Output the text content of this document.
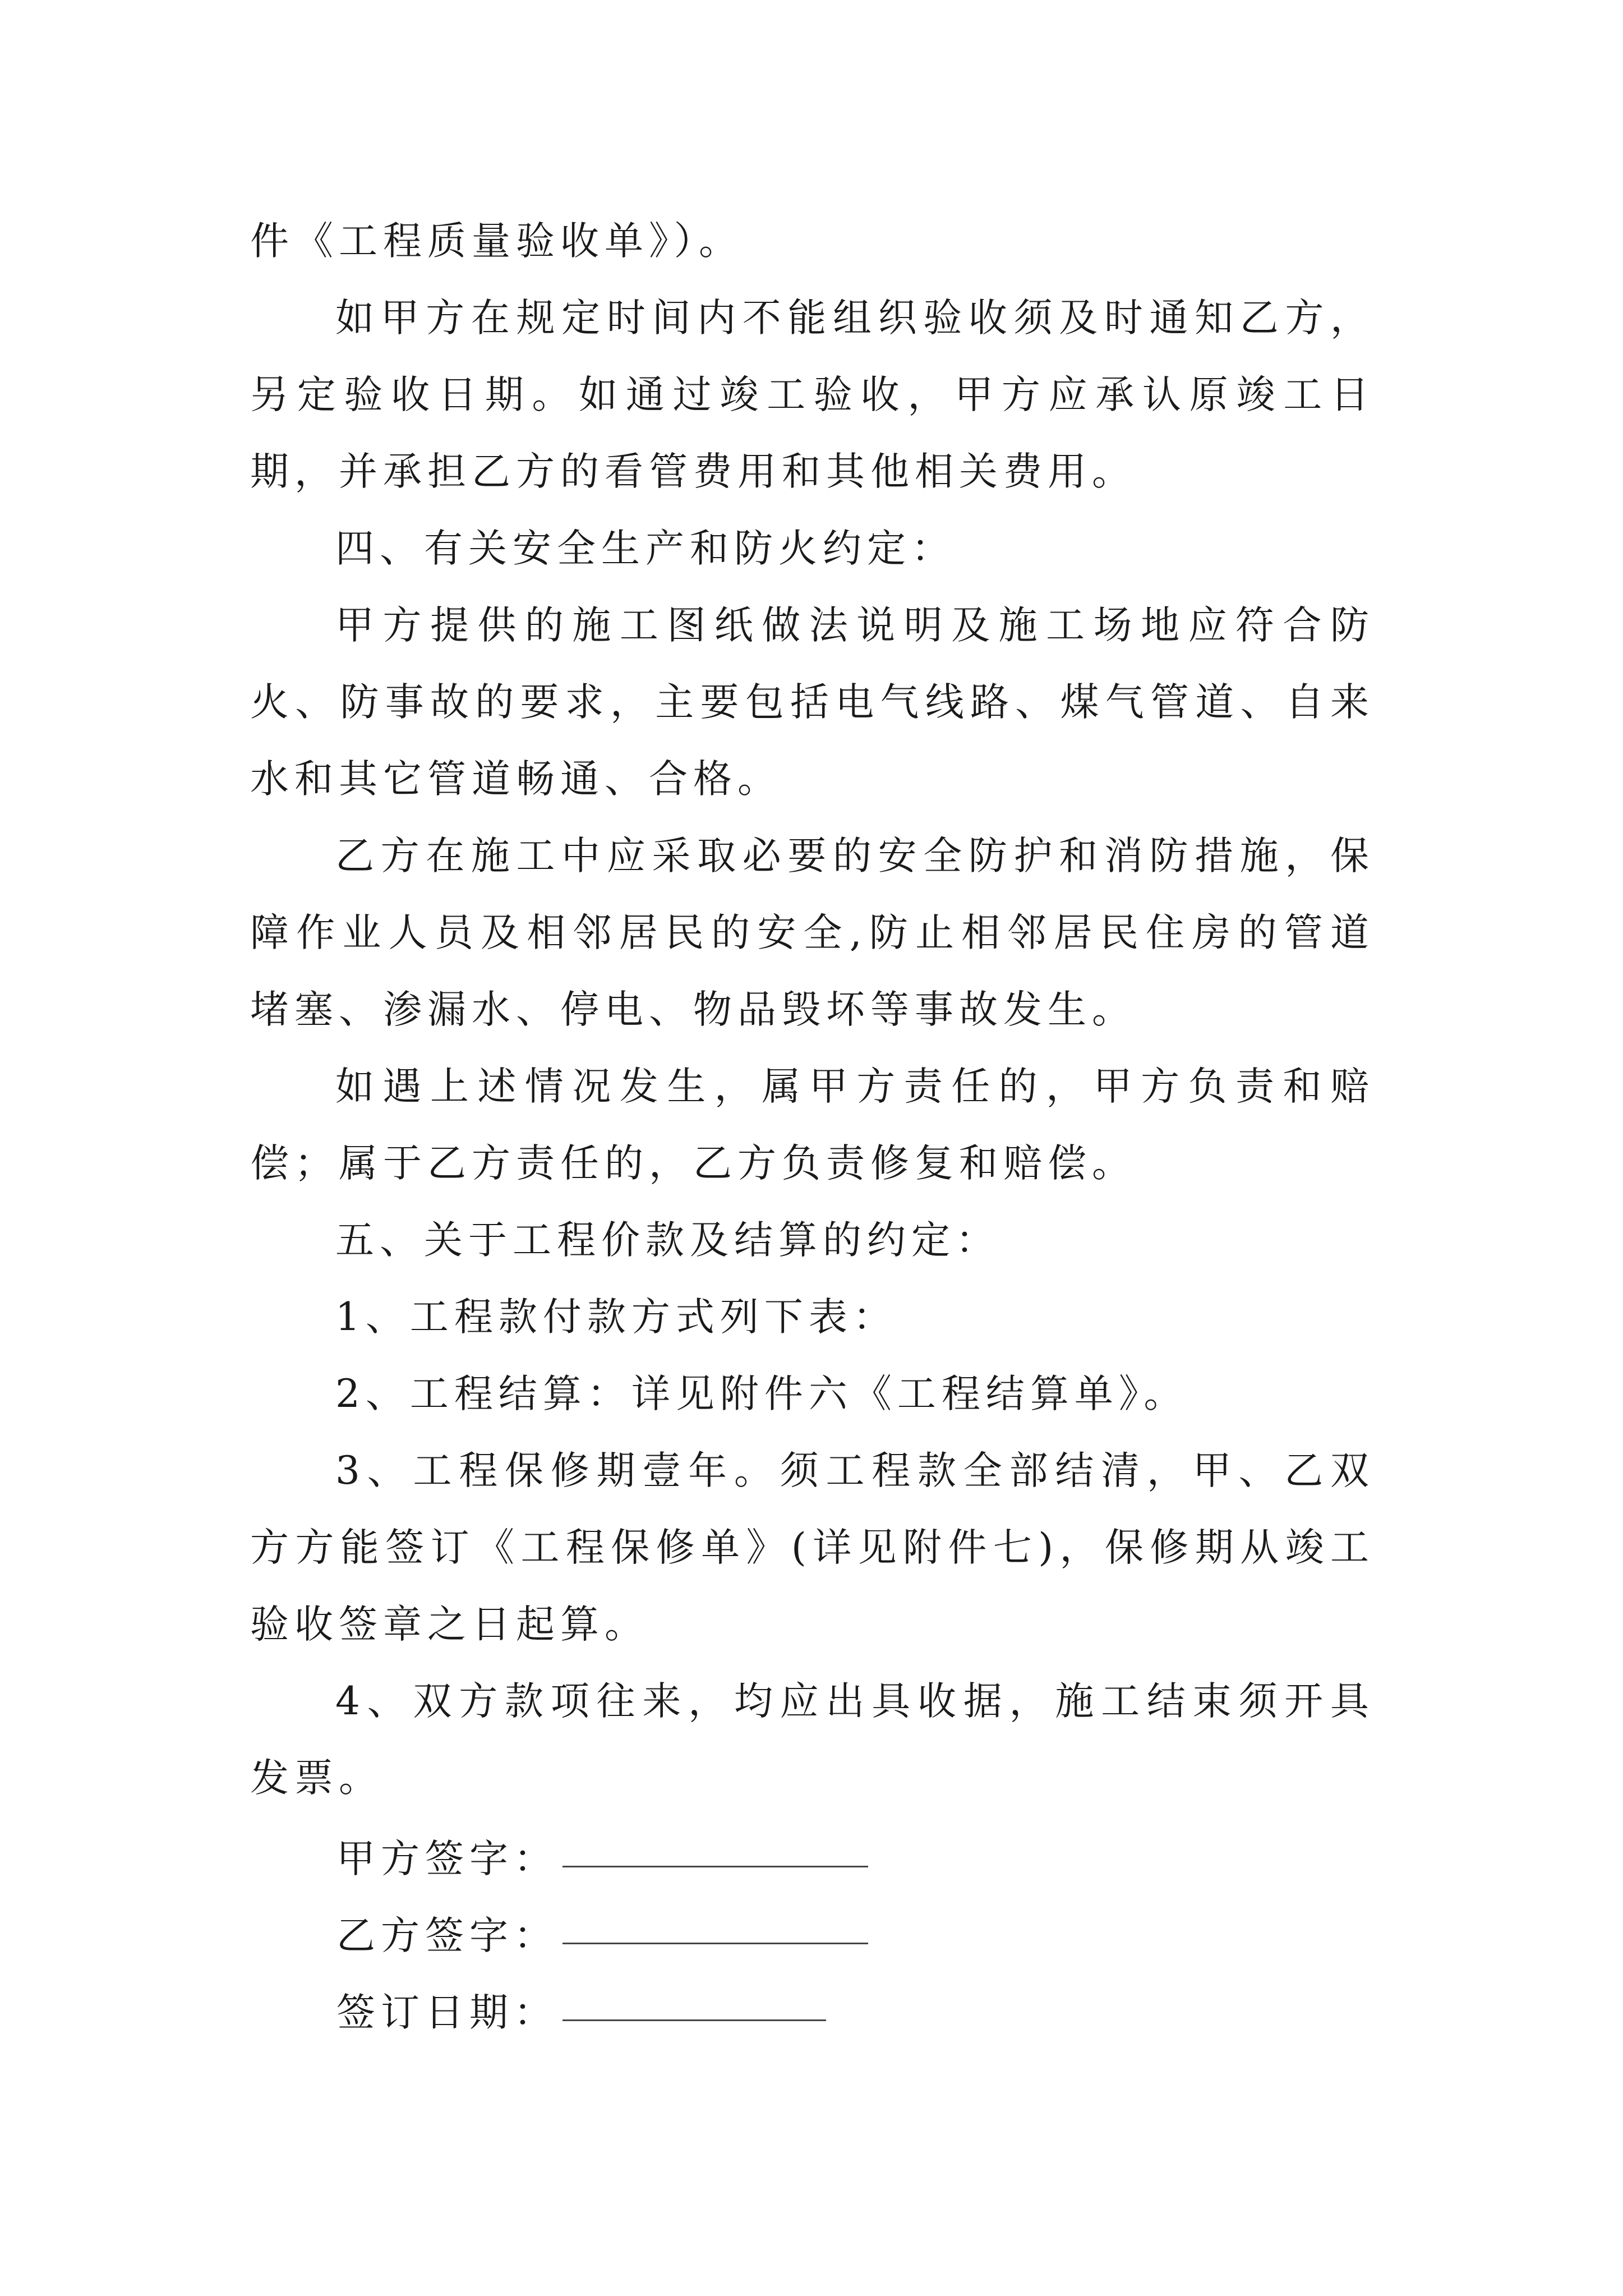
件《工程质量验收单》）。

如甲方在规定时间内不能组织验收须及时通知乙方，另定验收日期。如通过竣工验收，甲方应承认原竣工日期，并承担乙方的看管费用和其他相关费用。

四、有关安全生产和防火约定：

甲方提供的施工图纸做法说明及施工场地应符合防火、防事故的要求，主要包括电气线路、煤气管道、自来水和其它管道畅通、合格。

乙方在施工中应采取必要的安全防护和消防措施，保障作业人员及相邻居民的安全,防止相邻居民住房的管道堵塞、渗漏水、停电、物品毁坏等事故发生。

如遇上述情况发生，属甲方责任的，甲方负责和赔偿；属于乙方责任的，乙方负责修复和赔偿。

五、关于工程价款及结算的约定：

1、工程款付款方式列下表：

2、工程结算：详见附件六《工程结算单》。

3、工程保修期壹年。须工程款全部结清，甲、乙双方方能签订《工程保修单》(详见附件七)，保修期从竣工验收签章之日起算。

4、双方款项往来，均应出具收据，施工结束须开具发票。

甲方签字：
乙方签字：
签订日期：
